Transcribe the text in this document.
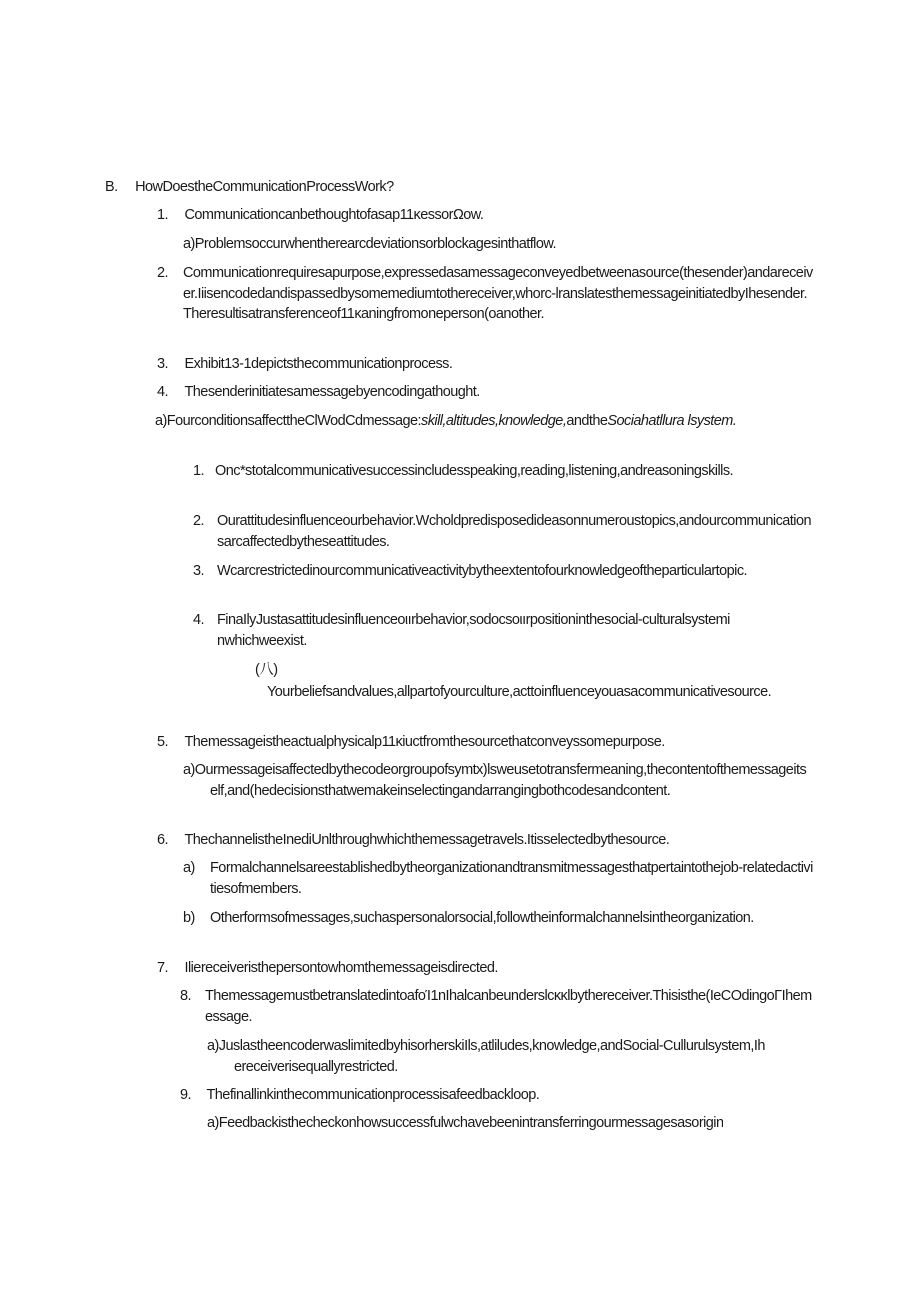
B. HowDoestheCommunicationProcessWork?
1. Communicationcanbethoughtofasap11κessorΩow.
a)Problemsoccurwhentherearcdeviationsorblockagesinthatflow.
2. Communicationrequiresapurpose,expressedasamessageconveyedbetweenasource(thesender)andareceiver.Iiisencodedandispassedbysomemediumtothereceiver,whorc-lranslatesthemessageinitiatedbyIhesender.Theresultisatransferenceof11κaningfromoneperson(oanother.
3. Exhibit13-1depictsthecommunicationprocess.
4. Thesenderinitiatesamessagebyencodingathought.
a)FourconditionsaffecttheClWodCdmessage:skill,altitudes,knowledge,andtheSociahatllura lsystem.
1. Onc*stotalcommunicativesuccessincludesspeaking,reading,listening,andreasoningskills.
2. Ourattitudesinfluenceourbehavior.Wcholdpredisposedideasonnumeroustopics,andourcommunicationsarcaffectedbytheseattitudes.
3. Wcarcrestrictedinourcommunicativeactivitybytheextentofourknowledgeoftheparticulartopic.
4. FinaIlyJustasattitudesinfluenceoιırbehavior,sodocsoιırpositioninthesocial-culturalsysteminwhichweexist.
(八)
Yourbeliefsandvalues,allpartofyourculture,acttoinfluenceyouasacommunicativesource.
5. Themessageistheactualphysicalp11κiuctfromthesourcethatconveyssomepurpose.
a)Ourmessageisaffectedbythecodeorgroupofsymtx)lsweusetotransfermeaning,thecontentofthemessageitself,and(hedecisionsthatwemakeinselectingandarrangingbothcodesandcontent.
6. ThechannelistheInediUnlthroughwhichthemessagetravels.Itisselectedbythesource.
a) Formalchannelsareestablishedbytheorganizationandtransmitmessagesthatpertaintothejob-relatedactivitiesofmembers.
b) Otherformsofmessages,suchaspersonalorsocial,followtheinformalchannelsintheorganization.
7. Iliereceiveristhepersontowhomthemessageisdirected.
8. ThemessagemustbetranslatedintoafoΊ1nIhalcanbeunderslcκκlbythereceiver.Thisisthe(IeCOdingoΓIhemessage.
a)JuslastheencoderwaslimitedbyhisorherskiIls,atliludes,knowledge,andSocial-Cullurulsystem,Ihereceiverisequallyrestricted.
9. Thefinallinkinthecommunicationprocessisafeedbackloop.
a)Feedbackisthecheckonhowsuccessfulwchavebeenintransferringourmessagesasorigin
